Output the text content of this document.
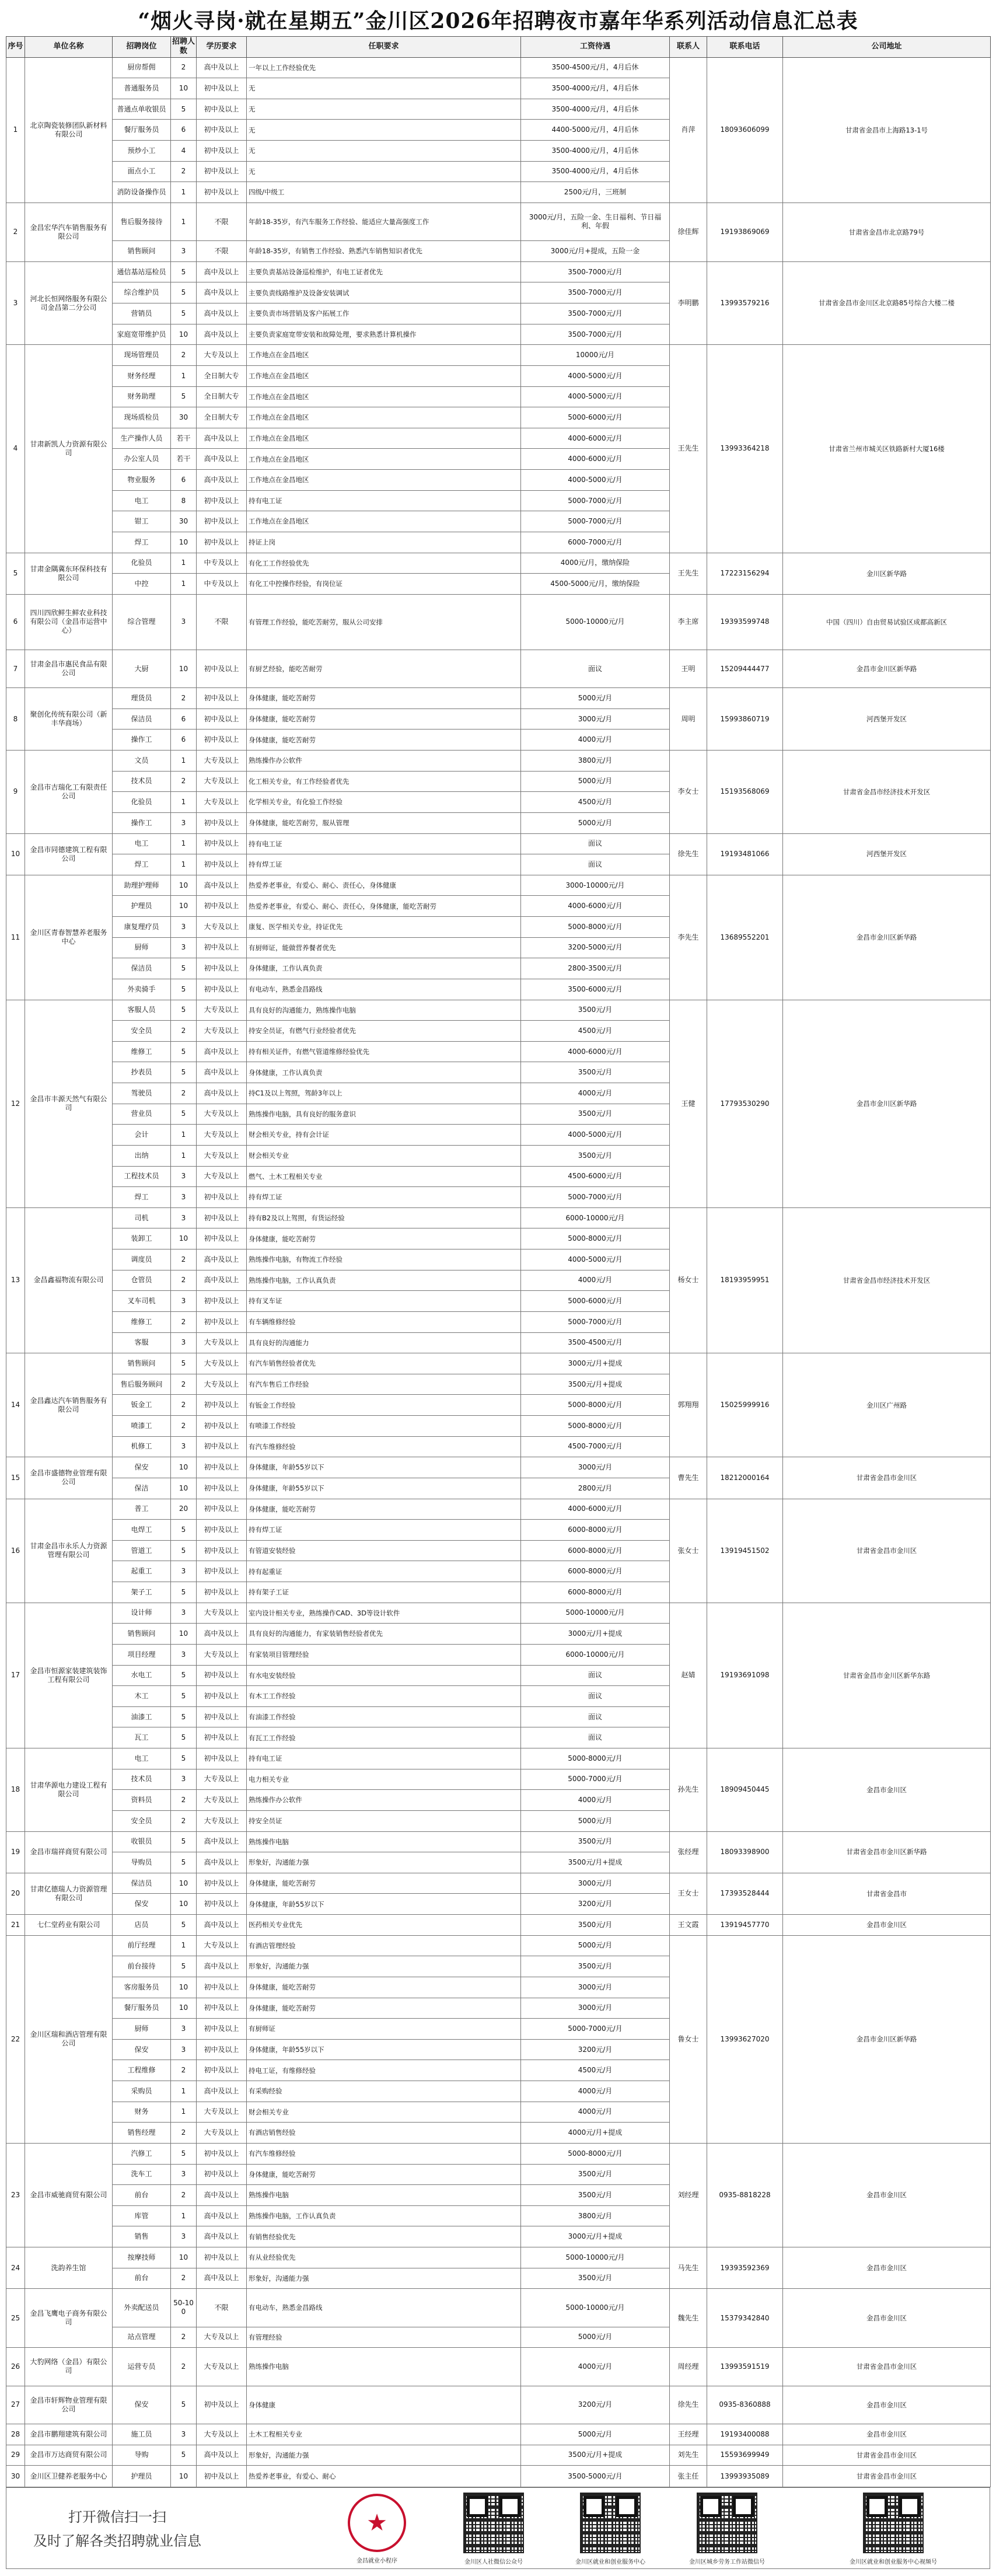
“烟火寻岗·就在星期五”金川区2026年招聘夜市嘉年华系列活动信息汇总表
序号	单位名称	招聘岗位	招聘人数	学历要求	任职要求	工资待遇	联系人	联系电话	公司地址
1	北京陶瓷装修团队新材料有限公司	厨房帮佣	2	高中及以上	一年以上工作经验优先	3500-4500元/月，4月后休	肖萍	18093606099	甘肃省金昌市上海路13-1号
		普通服务员	10	初中及以上	无	3500-4000元/月，4月后休			
		普通点单收银员	5	初中及以上	无	3500-4000元/月，4月后休			
		餐厅服务员	6	初中及以上	无	4400-5000元/月，4月后休			
		预炒小工	4	初中及以上	无	3500-4000元/月，4月后休			
		面点小工	2	初中及以上	无	3500-4000元/月，4月后休			
		消防设备操作员	1	初中及以上	四级/中级工	2500元/月，三班制			
2	金昌宏华汽车销售服务有限公司	售后服务接待	1	不限	年龄18-35岁，有汽车服务工作经验、能适应大量高强度工作	3000元/月，五险一金、生日福利、节日福利、年假	徐佳辉	19193869069	甘肃省金昌市北京路79号
		销售顾问	3	不限	年龄18-35岁，有销售工作经验、熟悉汽车销售知识者优先	3000元/月+提成，五险一金			
3	河北长恒网络服务有限公司金昌第二分公司	通信基站巡检员	5	高中及以上	主要负责基站设备巡检维护，有电工证者优先	3500-7000元/月	李明鹏	13993579216	甘肃省金昌市金川区北京路85号综合大楼二楼
		综合维护员	5	高中及以上	主要负责线路维护及设备安装调试	3500-7000元/月			
		营销员	5	高中及以上	主要负责市场营销及客户拓展工作	3500-7000元/月			
		家庭宽带维护员	10	高中及以上	主要负责家庭宽带安装和故障处理，要求熟悉计算机操作	3500-7000元/月			
4	甘肃新凯人力资源有限公司	现场管理员	2	大专及以上	工作地点在金昌地区	10000元/月	王先生	13993364218	甘肃省兰州市城关区铁路新村大厦16楼
		财务经理	1	全日制大专	工作地点在金昌地区	4000-5000元/月			
		财务助理	5	全日制大专	工作地点在金昌地区	4000-5000元/月			
		现场质检员	30	全日制大专	工作地点在金昌地区	5000-6000元/月			
		生产操作人员	若干	高中及以上	工作地点在金昌地区	4000-6000元/月			
		办公室人员	若干	高中及以上	工作地点在金昌地区	4000-6000元/月			
		物业服务	6	高中及以上	工作地点在金昌地区	4000-5000元/月			
		电工	8	初中及以上	持有电工证	5000-7000元/月			
		钳工	30	初中及以上	工作地点在金昌地区	5000-7000元/月			
		焊工	10	初中及以上	持证上岗	6000-7000元/月			
5	甘肃金隅冀东环保科技有限公司	化验员	1	中专及以上	有化工工作经验优先	4000元/月，缴纳保险	王先生	17223156294	金川区新华路
		中控	1	中专及以上	有化工中控操作经验，有岗位证	4500-5000元/月，缴纳保险			
6	四川四欣鲜生鲜农业科技有限公司（金昌市运营中心）	综合管理	3	不限	有管理工作经验，能吃苦耐劳，服从公司安排	5000-10000元/月	李主席	19393599748	中国（四川）自由贸易试验区成都高新区
7	甘肃金昌市惠民食品有限公司	大厨	10	初中及以上	有厨艺经验，能吃苦耐劳	面议	王明	15209444477	金昌市金川区新华路
8	聚创化传统有限公司（新丰华商场）	理货员	2	初中及以上	身体健康，能吃苦耐劳	5000元/月	周明	15993860719	河西堡开发区
		保洁员	6	初中及以上	身体健康，能吃苦耐劳	3000元/月			
		操作工	6	初中及以上	身体健康，能吃苦耐劳	4000元/月			
9	金昌市吉瑞化工有限责任公司	文员	1	大专及以上	熟练操作办公软件	3800元/月	李女士	15193568069	甘肃省金昌市经济技术开发区
		技术员	2	大专及以上	化工相关专业，有工作经验者优先	5000元/月			
		化验员	1	大专及以上	化学相关专业，有化验工作经验	4500元/月			
		操作工	3	初中及以上	身体健康，能吃苦耐劳，服从管理	5000元/月			
10	金昌市同德建筑工程有限公司	电工	1	初中及以上	持有电工证	面议	徐先生	19193481066	河西堡开发区
		焊工	1	初中及以上	持有焊工证	面议			
11	金川区青春智慧养老服务中心	助理护理师	10	高中及以上	热爱养老事业，有爱心、耐心、责任心，身体健康	3000-10000元/月	李先生	13689552201	金昌市金川区新华路
		护理员	10	初中及以上	热爱养老事业，有爱心、耐心、责任心，身体健康，能吃苦耐劳	4000-6000元/月			
		康复理疗员	3	大专及以上	康复、医学相关专业，持证优先	5000-8000元/月			
		厨师	3	初中及以上	有厨师证，能做营养餐者优先	3200-5000元/月			
		保洁员	5	初中及以上	身体健康，工作认真负责	2800-3500元/月			
		外卖骑手	5	初中及以上	有电动车，熟悉金昌路线	3500-6000元/月			
12	金昌市丰源天然气有限公司	客服人员	5	大专及以上	具有良好的沟通能力，熟练操作电脑	3500元/月	王健	17793530290	金昌市金川区新华路
		安全员	2	大专及以上	持安全员证，有燃气行业经验者优先	4500元/月			
		维修工	5	高中及以上	持有相关证件，有燃气管道维修经验优先	4000-6000元/月			
		抄表员	5	高中及以上	身体健康，工作认真负责	3500元/月			
		驾驶员	2	高中及以上	持C1及以上驾照，驾龄3年以上	4000元/月			
		营业员	5	大专及以上	熟练操作电脑，具有良好的服务意识	3500元/月			
		会计	1	大专及以上	财会相关专业，持有会计证	4000-5000元/月			
		出纳	1	大专及以上	财会相关专业	3500元/月			
		工程技术员	3	大专及以上	燃气、土木工程相关专业	4500-6000元/月			
		焊工	3	初中及以上	持有焊工证	5000-7000元/月			
13	金昌鑫福物流有限公司	司机	3	初中及以上	持有B2及以上驾照，有货运经验	6000-10000元/月	杨女士	18193959951	甘肃省金昌市经济技术开发区
		装卸工	10	初中及以上	身体健康，能吃苦耐劳	5000-8000元/月			
		调度员	2	高中及以上	熟练操作电脑，有物流工作经验	4000-5000元/月			
		仓管员	2	高中及以上	熟练操作电脑，工作认真负责	4000元/月			
		叉车司机	3	初中及以上	持有叉车证	5000-6000元/月			
		维修工	2	初中及以上	有车辆维修经验	5000-7000元/月			
		客服	3	大专及以上	具有良好的沟通能力	3500-4500元/月			
14	金昌鑫达汽车销售服务有限公司	销售顾问	5	大专及以上	有汽车销售经验者优先	3000元/月+提成	郭翔翔	15025999916	金川区广州路
		售后服务顾问	2	大专及以上	有汽车售后工作经验	3500元/月+提成			
		钣金工	2	初中及以上	有钣金工作经验	5000-8000元/月			
		喷漆工	2	初中及以上	有喷漆工作经验	5000-8000元/月			
		机修工	3	初中及以上	有汽车维修经验	4500-7000元/月			
15	金昌市盛德物业管理有限公司	保安	10	初中及以上	身体健康，年龄55岁以下	3000元/月	曹先生	18212000164	甘肃省金昌市金川区
		保洁	10	初中及以上	身体健康，年龄55岁以下	2800元/月			
16	甘肃金昌市永乐人力资源管理有限公司	普工	20	初中及以上	身体健康，能吃苦耐劳	4000-6000元/月	张女士	13919451502	甘肃省金昌市金川区
		电焊工	5	初中及以上	持有焊工证	6000-8000元/月			
		管道工	5	初中及以上	有管道安装经验	6000-8000元/月			
		起重工	3	初中及以上	持有起重证	6000-8000元/月			
		架子工	5	初中及以上	持有架子工证	6000-8000元/月			
17	金昌市恒源家装建筑装饰工程有限公司	设计师	3	大专及以上	室内设计相关专业，熟练操作CAD、3D等设计软件	5000-10000元/月	赵婧	19193691098	甘肃省金昌市金川区新华东路
		销售顾问	10	高中及以上	具有良好的沟通能力，有家装销售经验者优先	3000元/月+提成			
		项目经理	3	大专及以上	有家装项目管理经验	6000-10000元/月			
		水电工	5	初中及以上	有水电安装经验	面议			
		木工	5	初中及以上	有木工工作经验	面议			
		油漆工	5	初中及以上	有油漆工作经验	面议			
		瓦工	5	初中及以上	有瓦工工作经验	面议			
18	甘肃华源电力建设工程有限公司	电工	5	初中及以上	持有电工证	5000-8000元/月	孙先生	18909450445	金昌市金川区
		技术员	3	大专及以上	电力相关专业	5000-7000元/月			
		资料员	2	大专及以上	熟练操作办公软件	4000元/月			
		安全员	2	大专及以上	持安全员证	5000元/月			
19	金昌市瑞祥商贸有限公司	收银员	5	高中及以上	熟练操作电脑	3500元/月	张经理	18093398900	甘肃省金昌市金川区新华路
		导购员	5	高中及以上	形象好，沟通能力强	3500元/月+提成			
20	甘肃亿德瑞人力资源管理有限公司	保洁员	10	初中及以上	身体健康，能吃苦耐劳	3000元/月	王女士	17393528444	甘肃省金昌市
		保安	10	初中及以上	身体健康，年龄55岁以下	3200元/月			
21	七仁堂药业有限公司	店员	5	高中及以上	医药相关专业优先	3500元/月	王文霞	13919457770	金昌市金川区
22	金川区瑞和酒店管理有限公司	前厅经理	1	大专及以上	有酒店管理经验	5000元/月	鲁女士	13993627020	金昌市金川区新华路
		前台接待	5	高中及以上	形象好，沟通能力强	3500元/月			
		客房服务员	10	初中及以上	身体健康，能吃苦耐劳	3000元/月			
		餐厅服务员	10	初中及以上	身体健康，能吃苦耐劳	3000元/月			
		厨师	3	初中及以上	有厨师证	5000-7000元/月			
		保安	3	初中及以上	身体健康，年龄55岁以下	3200元/月			
		工程维修	2	初中及以上	持电工证，有维修经验	4500元/月			
		采购员	1	高中及以上	有采购经验	4000元/月			
		财务	1	大专及以上	财会相关专业	4000元/月			
		销售经理	2	大专及以上	有酒店销售经验	4000元/月+提成			
23	金昌市威驰商贸有限公司	汽修工	5	初中及以上	有汽车维修经验	5000-8000元/月	刘经理	0935-8818228	金昌市金川区
		洗车工	3	初中及以上	身体健康，能吃苦耐劳	3500元/月			
		前台	2	高中及以上	熟练操作电脑	3500元/月			
		库管	1	高中及以上	熟练操作电脑，工作认真负责	3800元/月			
		销售	3	高中及以上	有销售经验优先	3000元/月+提成			
24	洗韵养生馆	按摩技师	10	初中及以上	有从业经验优先	5000-10000元/月	马先生	19393592369	金昌市金川区
		前台	2	高中及以上	形象好，沟通能力强	3500元/月			
25	金昌飞鹰电子商务有限公司	外卖配送员	50-100	不限	有电动车，熟悉金昌路线	5000-10000元/月	魏先生	15379342840	金昌市金川区
		站点管理	2	大专及以上	有管理经验	5000元/月			
26	大豹网络（金昌）有限公司	运营专员	2	大专及以上	熟练操作电脑	4000元/月	周经理	13993591519	甘肃省金昌市金川区
27	金昌市轩辉物业管理有限公司	保安	5	初中及以上	身体健康	3200元/月	徐先生	0935-8360888	金昌市金川区
28	金昌市鹏翔建筑有限公司	施工员	3	大专及以上	土木工程相关专业	5000元/月	王经理	19193400088	金昌市金川区
29	金昌市万达商贸有限公司	导购	5	高中及以上	形象好，沟通能力强	3500元/月+提成	刘先生	15593699949	甘肃省金昌市金川区
30	金川区卫健养老服务中心	护理员	10	初中及以上	热爱养老事业，有爱心、耐心	3500-5000元/月	张主任	13993935089	甘肃省金昌市金川区
打开微信扫一扫
及时了解各类招聘就业信息
★
金昌就业小程序	金川区人社微信公众号	金川区就业和创业服务中心	金川区城乡劳务工作站微信号	金川区就业和创业服务中心视频号
